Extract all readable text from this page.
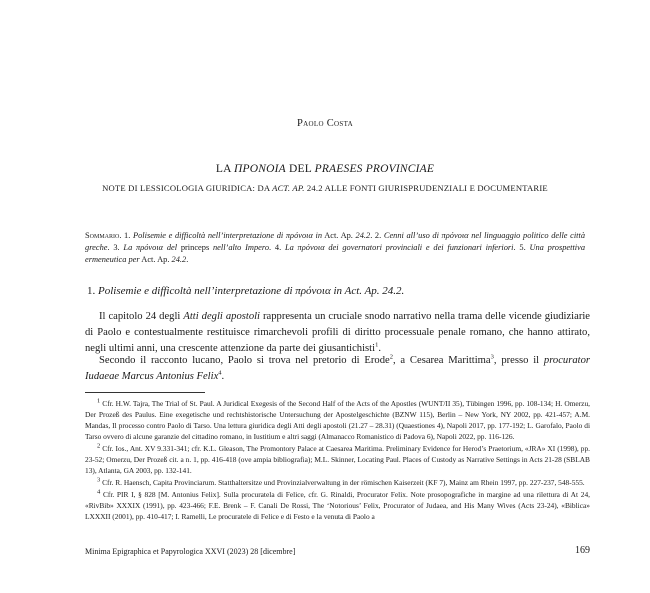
Paolo Costa
LA ΠΡΟΝΟΙΑ DEL PRAESES PROVINCIAE
NOTE DI LESSICOLOGIA GIURIDICA: DA ACT. AP. 24.2 ALLE FONTI GIURISPRUDENZIALI E DOCUMENTARIE
Sommario. 1. Polisemie e difficoltà nell’interpretazione di πρόνοια in Act. Ap. 24.2. 2. Cenni all’uso di πρόνοια nel linguaggio politico delle città greche. 3. La πρόνοια del princeps nell’alto Impero. 4. La πρόνοια dei governatori provinciali e dei funzionari inferiori. 5. Una prospettiva ermeneutica per Act. Ap. 24.2.
1. Polisemie e difficoltà nell’interpretazione di πρόνοια in Act. Ap. 24.2.
Il capitolo 24 degli Atti degli apostoli rappresenta un cruciale snodo narrativo nella trama delle vicende giudiziarie di Paolo e contestualmente restituisce rimarchevoli profili di diritto processuale penale romano, che hanno attirato, negli ultimi anni, una crescente attenzione da parte dei giusantichisti$^1$.
Secondo il racconto lucano, Paolo si trova nel pretorio di Erode$^2$, a Cesarea Marittima$^3$, presso il procurator Iudaeae Marcus Antonius Felix$^4$.

$^1$ Cfr. H.W. Tajra, The Trial of St. Paul. A Juridical Exegesis of the Second Half of the Acts of the Apostles (WUNT/II 35), Tübingen 1996, pp. 108-134; H. Omerzu, Der Prozeß des Paulus. Eine exegetische und rechtshistorische Untersuchung der Apostelgeschichte (BZNW 115), Berlin – New York, NY 2002, pp. 421-457; A.M. Mandas, Il processo contro Paolo di Tarso. Una lettura giuridica degli Atti degli apostoli (21.27 – 28.31) (Quaestiones 4), Napoli 2017, pp. 177-192; L. Garofalo, Paolo di Tarso ovvero di alcune garanzie del cittadino romano, in Iustitium e altri saggi (Almanacco Romanistico di Padova 6), Napoli 2022, pp. 116-126.

$^2$ Cfr. Ios., Ant. XV 9.331-341; cfr. K.L. Gleason, The Promontory Palace at Caesarea Maritima. Preliminary Evidence for Herod’s Praetorium, «JRA» XI (1998), pp. 23-52; Omerzu, Der Prozeß cit. a n. 1, pp. 416-418 (ove ampia bibliografia); M.L. Skinner, Locating Paul. Places of Custody as Narrative Settings in Acts 21-28 (SBLAB 13), Atlanta, GA 2003, pp. 132-141.

$^3$ Cfr. R. Haensch, Capita Provinciarum. Statthaltersitze und Provinzialverwaltung in der römischen Kaiserzeit (KF 7), Mainz am Rhein 1997, pp. 227-237, 548-555.

$^4$ Cfr. PIR I, § 828 [M. Antonius Felix]. Sulla procuratela di Felice, cfr. G. Rinaldi, Procurator Felix. Note prosopografiche in margine ad una rilettura di At 24, «RivBib» XXXIX (1991), pp. 423-466; F.E. Brenk – F. Canali De Rossi, The ‘Notorious’ Felix, Procurator of Judaea, and His Many Wives (Acts 23-24), «Biblica» LXXXII (2001), pp. 410-417; I. Ramelli, Le procuratele di Felice e di Festo e la venuta di Paolo a

Minima Epigraphica et Papyrologica XXVI (2023) 28 [dicembre]	169
